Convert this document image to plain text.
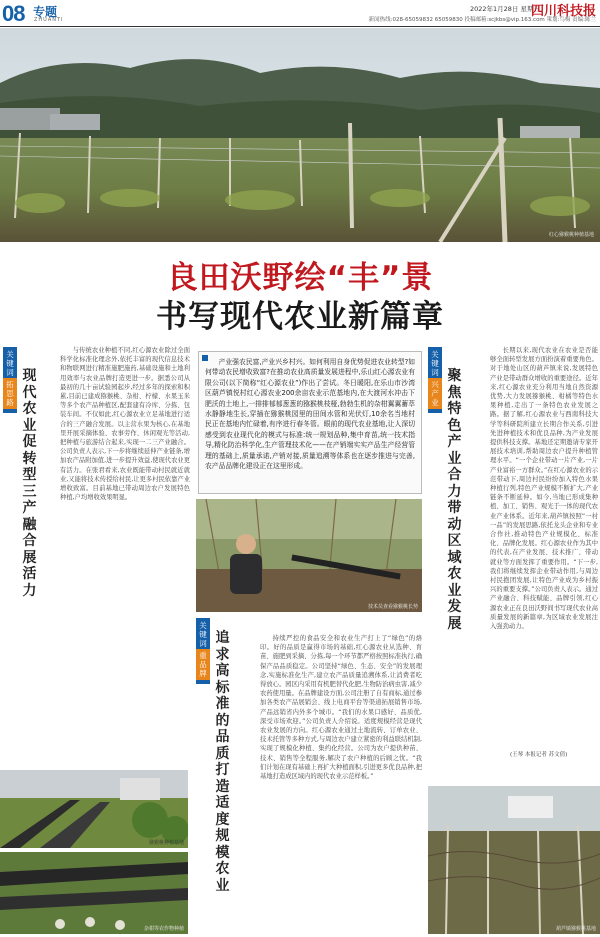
08 专题
ZHUANTI
2022年1月28日 星期五
四川科技报
新闻热线:028-65059832 65059830 投稿邮箱:scjkbs@vip.163.com 策划:鸟梅 责编:陈兰
红心猕猴桃种植基地
良田沃野绘“丰”景
书写现代农业新篇章
关键词
拓思路
现代农业促转型 三产融合展活力
与传统农业种植不同,红心源农业除过全面科学化标准化理念外,依托丰富的现代信息技术和物联网进行精准施肥施药,基础设施和土地利用效率与农业品牌打造更进一步。据悉公司从最初的几十亩试验园起步,经过多年的探索和积累,目前已建成猕猴桃、杂柑、柠檬、水果玉米等多个农产品种植区,配套建有冷库、分拣、包装车间。不仅如此,红心源农业立足基地进行适合的三产融合发展。以主营水果为核心,在基地里开展采摘体验、农事劳作、休闲观光等活动,把种植与旅游结合起来,实现一二三产业融合。公司负责人表示,下一步将继续延伸产业链条,增加农产品附加值,进一步提升效益,使现代农业更有活力。在张君看来,农业既能带动村民就近就业,又能将技术传授给村民,让更多村民依靠产业增收致富。目前基地已带动周边农户发展特色种植,户均增收效果明显。
产业强农民富,产业兴乡村兴。如何利用自身优势促进农业转型?如何带动农民增收致富?在推动农业高质量发展进程中,乐山红心源农业有限公司(以下简称“红心源农业”)作出了尝试。冬日暖阳,在乐山市沙湾区葫芦镇悦村红心源农业200余亩农业示范基地内,在大渡河水冲击下肥沃的土地上,一排排郁郁葱葱的猕猴桃枝桠,勃勃生机的杂柑翼翼蓄萃水静静地生长,穿插在猕猴桃园里的田间水管和光伏灯,10余名当地村民正在基地内忙碌着,有序进行春冬管。眼前的现代农业基地,让人深切感受到农业现代化的模式与标准:统一规划品种,集中育苗,统一技术指导,精化防治科学化,生产管理技术化——在产销端实实产品生产经营管理的基础上,质量承诺,产销对接,质量追溯等体系也在逐步推进与完善,农产品品牌化建设正在这里形成。
技术员查看猕猴桃长势
关键词
重品牌
追求高标准的品质 打造适度规模农业
持续严控的食品安全和农业生产打上了“绿色”的烙印。好的品质是赢得市场的基础,红心源农业从选种、育苗、施肥到采摘、分拣,每一个环节都严格按照标准执行,确保产品品质稳定。公司坚持“绿色、生态、安全”的发展理念,实施标准化生产,建立农产品质量追溯体系,让消费者吃得放心。园区内采用有机肥替代化肥,生物防治病虫害,减少农药使用量。在品牌建设方面,公司注册了自有商标,通过参加各类农产品展销会、线上电商平台等渠道拓展销售市场,产品远销省内外多个城市。“我们的水果口感好、品质优,深受市场欢迎。”公司负责人介绍说。适度规模经营是现代农业发展的方向。红心源农业通过土地流转、订单农业、技术托管等多种方式,与周边农户建立紧密的利益联结机制,实现了规模化种植、集约化经营。公司为农户提供种苗、技术、销售等全程服务,解决了农户种植的后顾之忧。“我们计划在现有基础上再扩大种植面积,引进更多优良品种,把基地打造成区域内的现代农业示范样板。”
关键词
兴产业
聚焦特色产业合力 带动区域农业发展
长期以来,现代农业在农业是否能够全面转型发展方面扮演着重要角色。对于地处山区的葫芦镇来说,发展特色产业是带动群众增收的重要途径。近年来,红心源农业充分利用当地自然资源优势,大力发展猕猴桃、柑橘等特色水果种植,走出了一条特色农业发展之路。据了解,红心源农业与西南科技大学等科研院所建立长期合作关系,引进先进种植技术和优良品种,为产业发展提供科技支撑。基地还定期邀请专家开展技术培训,帮助周边农户提升种植管理水平。“一个企业带动一片产业,一片产业富裕一方群众。”在红心源农业的示范带动下,周边村民纷纷加入特色水果种植行列,特色产业规模不断扩大,产业链条不断延伸。如今,当地已形成集种植、加工、销售、观光于一体的现代农业产业体系。近年来,葫芦镇按照“一村一品”的发展思路,依托龙头企业和专业合作社,推动特色产业规模化、标准化、品牌化发展。红心源农业作为其中的代表,在产业发展、技术推广、带动就业等方面发挥了重要作用。“下一步,我们将继续发挥企业带动作用,与周边村民抱团发展,让特色产业成为乡村振兴的重要支撑。”公司负责人表示。通过产业融合、科技赋能、品牌引领,红心源农业正在良田沃野间书写现代农业高质量发展的新篇章,为区域农业发展注入强劲动力。
(王琴 本报记者 苏文倩)
猕猴桃种植基地
杂柑等农作物种植	葫芦镇猕猴桃基地
